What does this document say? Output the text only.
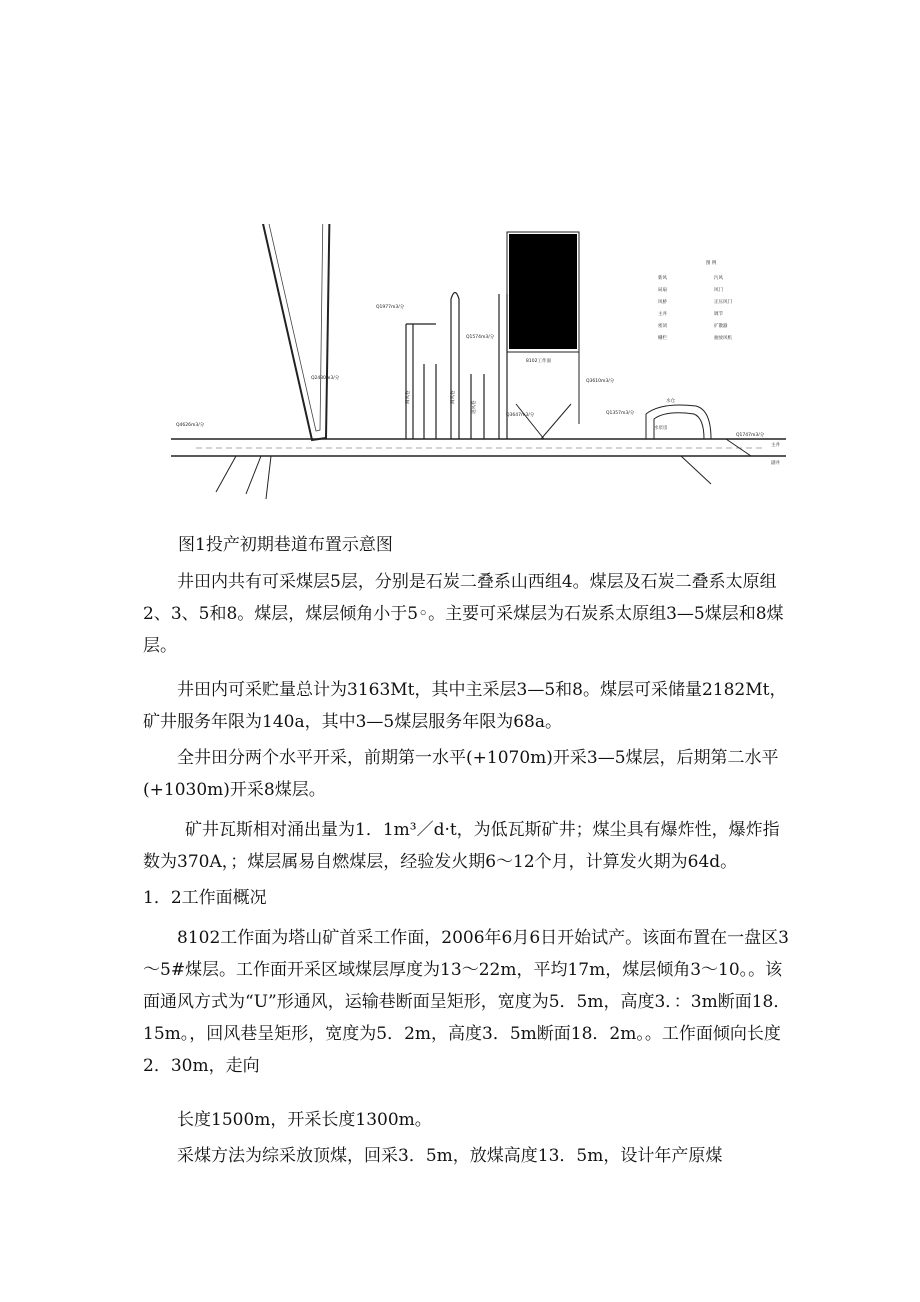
8102工作面
水仓
水泵房
主井
副井
Q1977m3/分
Q1574m3/分
Q4626m3/分
Q3647m3/分
Q3610m3/分
Q1357m3/分
Q1747m3/分
Q2430m3/分
回风巷	回风巷
进风巷
图 例
新风	污风
局扇	风门
风桥	正压风门
主井	调节
密闭	扩散器
栅栏	抽放风机
图1投产初期巷道布置示意图
井田内共有可采煤层5层，分别是石炭二叠系山西组4。煤层及石炭二叠系太原组2、3、5和8。煤层，煤层倾角小于5◦。主要可采煤层为石炭系太原组3—5煤层和8煤层。
井田内可采贮量总计为3163Mt，其中主采层3—5和8。煤层可采储量2182Mt，矿井服务年限为140a，其中3—5煤层服务年限为68a。
全井田分两个水平开采，前期第一水平(+1070m)开采3—5煤层，后期第二水平(+1030m)开采8煤层。
矿井瓦斯相对涌出量为1．1m³／d·t，为低瓦斯矿井；煤尘具有爆炸性，爆炸指数为370A，；煤层属易自燃煤层，经验发火期6～12个月，计算发火期为64d。
1．2工作面概况
8102工作面为塔山矿首采工作面，2006年6月6日开始试产。该面布置在一盘区3～5#煤层。工作面开采区域煤层厚度为13～22m，平均17m，煤层倾角3～10。。该面通风方式为“U”形通风，运输巷断面呈矩形，宽度为5．5m，高度3．：3m断面18．15m。，回风巷呈矩形，宽度为5．2m，高度3．5m断面18．2m。。工作面倾向长度2．30m，走向
长度1500m，开采长度1300m。
采煤方法为综采放顶煤，回采3．5m，放煤高度13．5m，设计年产原煤
